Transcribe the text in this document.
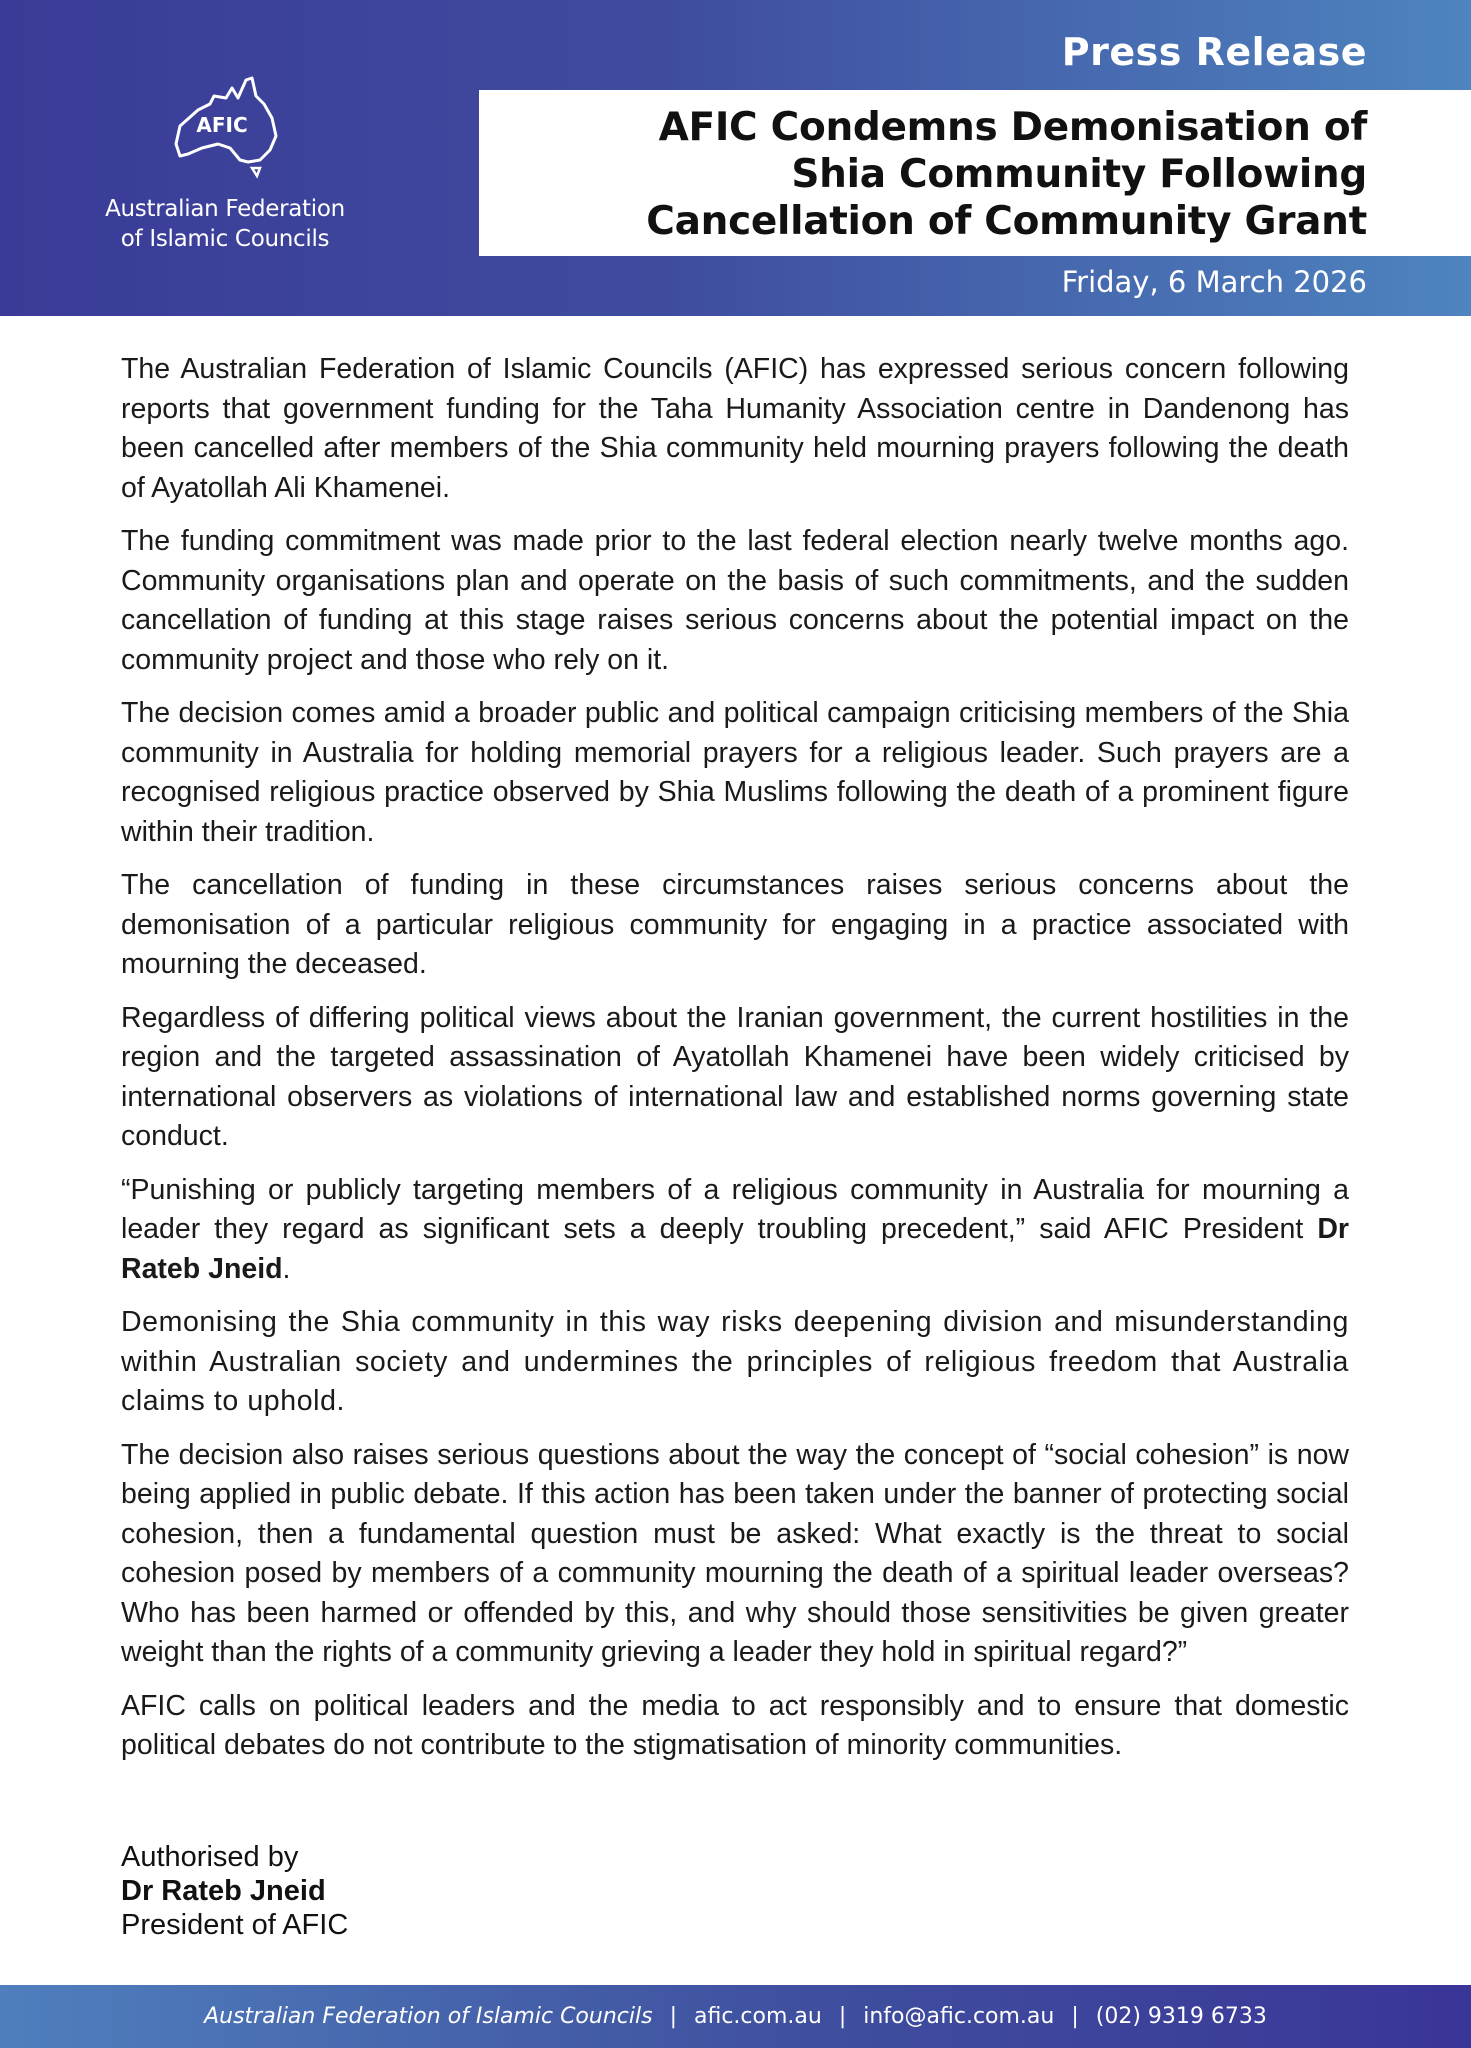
AFIC
Australian Federation
of Islamic Councils
Press Release
AFIC Condemns Demonisation of
Shia Community Following
Cancellation of Community Grant
Friday, 6 March 2026

The Australian Federation of Islamic Councils (AFIC) has expressed serious concern following reports that government funding for the Taha Humanity Association centre in Dandenong has been cancelled after members of the Shia community held mourning prayers following the death of Ayatollah Ali Khamenei.

The funding commitment was made prior to the last federal election nearly twelve months ago. Community organisations plan and operate on the basis of such commitments, and the sudden cancellation of funding at this stage raises serious concerns about the potential impact on the community project and those who rely on it.

The decision comes amid a broader public and political campaign criticising members of the Shia community in Australia for holding memorial prayers for a religious leader. Such prayers are a recognised religious practice observed by Shia Muslims following the death of a prominent figure within their tradition.

The cancellation of funding in these circumstances raises serious concerns about the demonisation of a particular religious community for engaging in a practice associated with mourning the deceased.

Regardless of differing political views about the Iranian government, the current hostilities in the region and the targeted assassination of Ayatollah Khamenei have been widely criticised by international observers as violations of international law and established norms governing state conduct.

“Punishing or publicly targeting members of a religious community in Australia for mourning a leader they regard as significant sets a deeply troubling precedent,” said AFIC President Dr Rateb Jneid.

Demonising the Shia community in this way risks deepening division and misunderstanding within Australian society and undermines the principles of religious freedom that Australia claims to uphold.

The decision also raises serious questions about the way the concept of “social cohesion” is now being applied in public debate. If this action has been taken under the banner of protecting social cohesion, then a fundamental question must be asked: What exactly is the threat to social cohesion posed by members of a community mourning the death of a spiritual leader overseas? Who has been harmed or offended by this, and why should those sensitivities be given greater weight than the rights of a community grieving a leader they hold in spiritual regard?”

AFIC calls on political leaders and the media to act responsibly and to ensure that domestic political debates do not contribute to the stigmatisation of minority communities.

Authorised by
Dr Rateb Jneid
President of AFIC
Australian Federation of Islamic Councils | afic.com.au | info@afic.com.au | (02) 9319 6733
